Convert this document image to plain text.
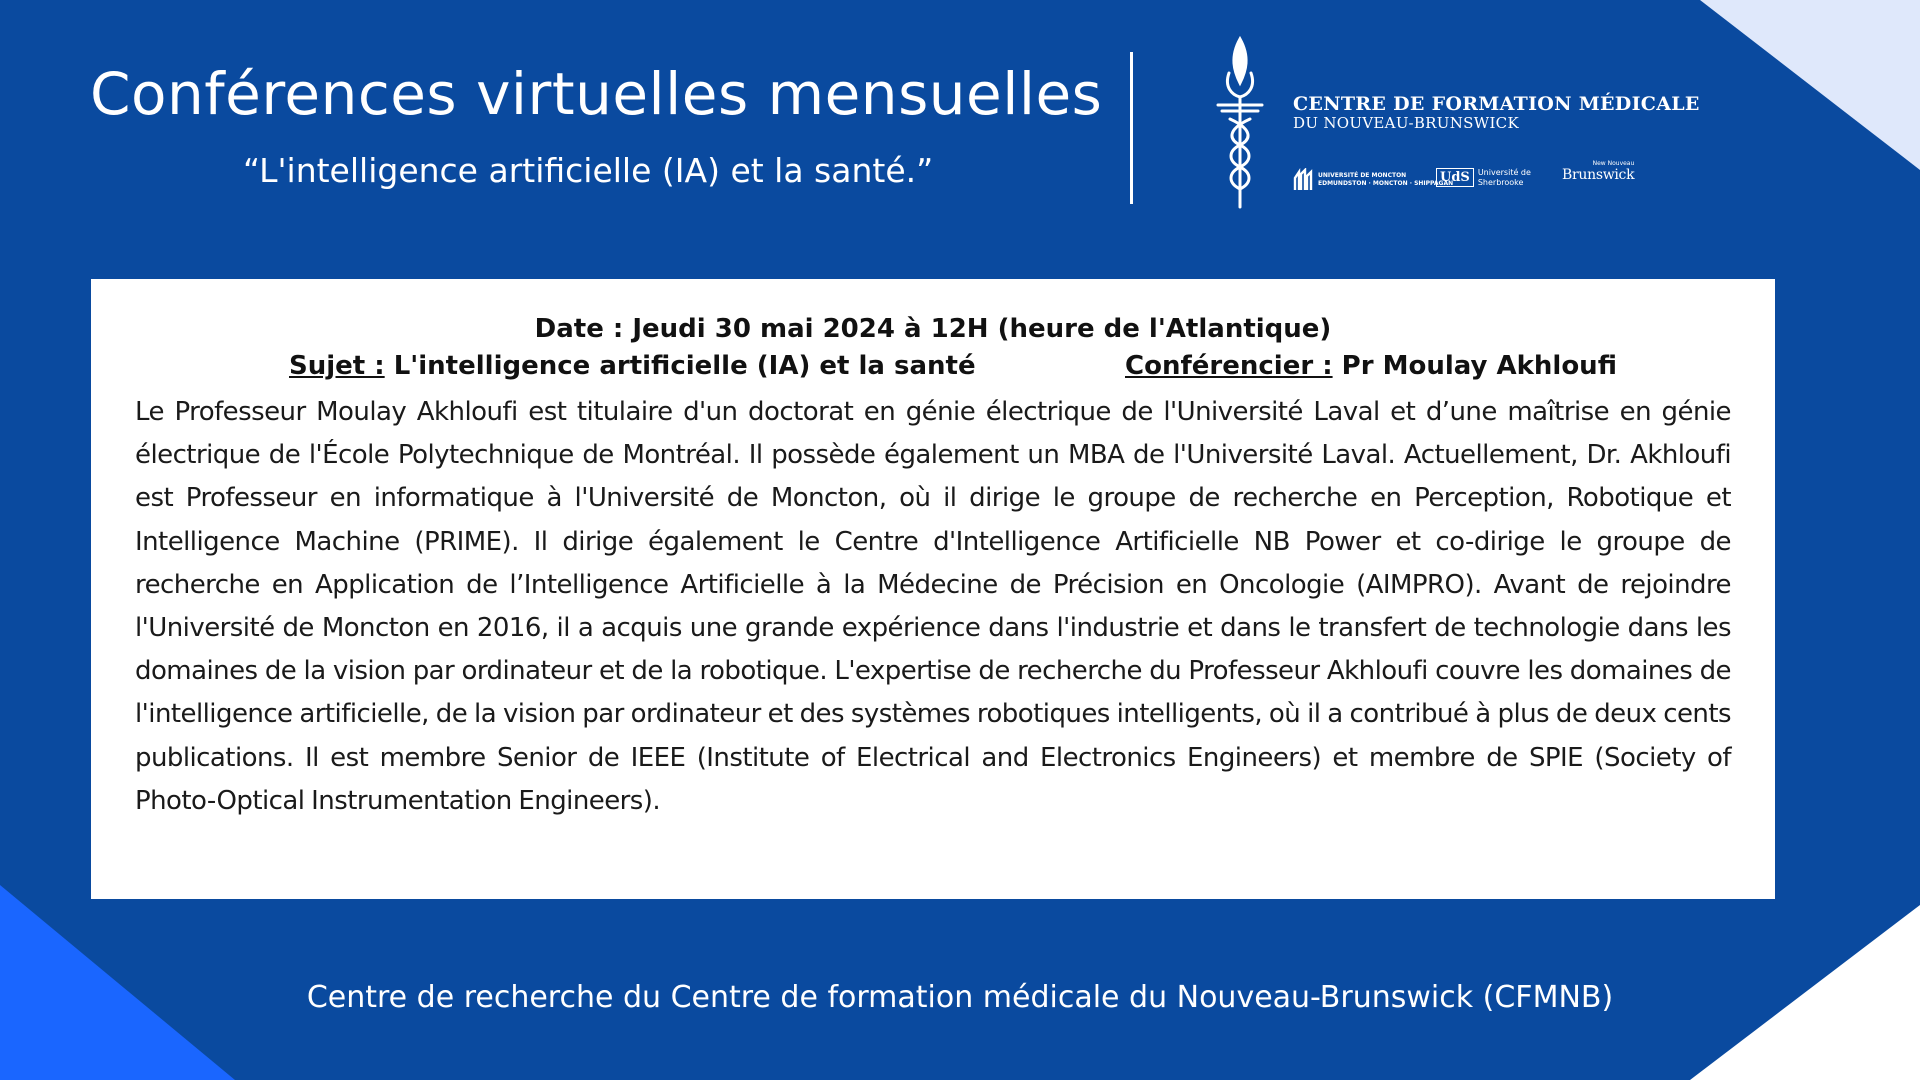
Conférences virtuelles mensuelles
“L'intelligence artificielle (IA) et la santé.”
CENTRE DE FORMATION MÉDICALE
DU NOUVEAU-BRUNSWICK
UNIVERSITÉ DE MONCTON
EDMUNDSTON · MONCTON · SHIPPAGAN
UdS	Université de
Sherbrooke
New Nouveau
Brunswick
Date : Jeudi 30 mai 2024 à 12H (heure de l'Atlantique)
Sujet : L'intelligence artificielle (IA) et la santé	Conférencier : Pr Moulay Akhloufi

Le Professeur Moulay Akhloufi est titulaire d'un doctorat en génie électrique de l'Université Laval et d’une maîtrise en génie électrique de l'École Polytechnique de Montréal. Il possède également un MBA de l'Université Laval. Actuellement, Dr. Akhloufi est Professeur en informatique à l'Université de Moncton, où il dirige le groupe de recherche en Perception, Robotique et Intelligence Machine (PRIME). Il dirige également le Centre d'Intelligence Artificielle NB Power et co-dirige le groupe de recherche en Application de l’Intelligence Artificielle à la Médecine de Précision en Oncologie (AIMPRO). Avant de rejoindre l'Université de Moncton en 2016, il a acquis une grande expérience dans l'industrie et dans le transfert de technologie dans les domaines de la vision par ordinateur et de la robotique. L'expertise de recherche du Professeur Akhloufi couvre les domaines de l'intelligence artificielle, de la vision par ordinateur et des systèmes robotiques intelligents, où il a contribué à plus de deux cents publications. Il est membre Senior de IEEE (Institute of Electrical and Electronics Engineers) et membre de SPIE (Society of Photo-Optical Instrumentation Engineers).

Centre de recherche du Centre de formation médicale du Nouveau-Brunswick (CFMNB)
